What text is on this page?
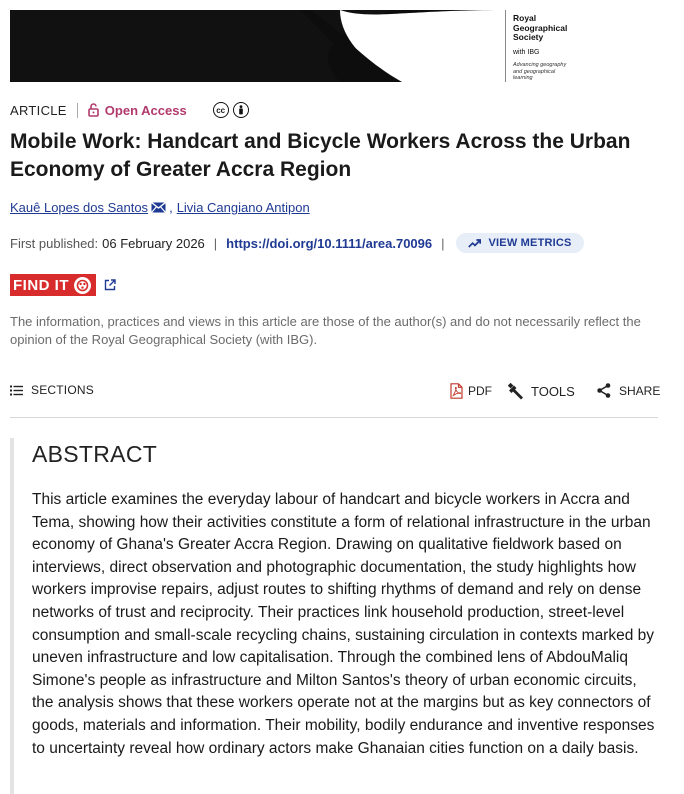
AREA
Royal Geographical Society
with IBG
Advancing geography and geographical learning
ARTICLE	Open Access	cc
Mobile Work: Handcart and Bicycle Workers Across the Urban Economy of Greater Accra Region
Kauê Lopes dos Santos , Livia Cangiano Antipon
First published: 06 February 2026 | https://doi.org/10.1111/area.70096 |	VIEW METRICS
FIND IT
The information, practices and views in this article are those of the author(s) and do not necessarily reflect the opinion of the Royal Geographical Society (with IBG).
SECTIONS	PDF	TOOLS	SHARE
ABSTRACT

This article examines the everyday labour of handcart and bicycle workers in Accra and Tema, showing how their activities constitute a form of relational infrastructure in the urban economy of Ghana's Greater Accra Region. Drawing on qualitative fieldwork based on interviews, direct observation and photographic documentation, the study highlights how workers improvise repairs, adjust routes to shifting rhythms of demand and rely on dense networks of trust and reciprocity. Their practices link household production, street-level consumption and small-scale recycling chains, sustaining circulation in contexts marked by uneven infrastructure and low capitalisation. Through the combined lens of AbdouMaliq Simone's people as infrastructure and Milton Santos's theory of urban economic circuits, the analysis shows that these workers operate not at the margins but as key connectors of goods, materials and information. Their mobility, bodily endurance and inventive responses to uncertainty reveal how ordinary actors make Ghanaian cities function on a daily basis.
